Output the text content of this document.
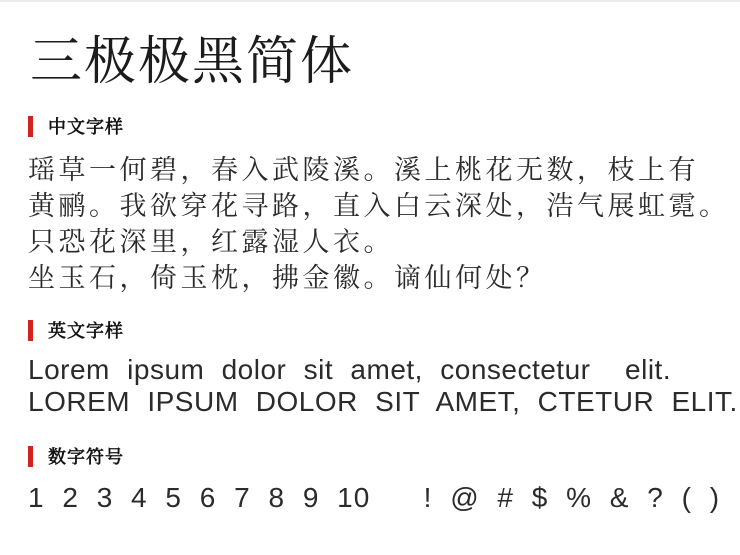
三极极黑简体
中文字样
瑶草一何碧，春入武陵溪。溪上桃花无数，枝上有
黄鹂。我欲穿花寻路，直入白云深处，浩气展虹霓。
只恐花深里，红露湿人衣。
坐玉石，倚玉枕，拂金徽。谪仙何处？
英文字样
Lorem ipsum dolor sit amet, consectetur  elit.
LOREM IPSUM DOLOR SIT AMET, CTETUR ELIT.
数字符号
1 2 3 4 5 6 7 8 9 10   ! @ # $ % & ? ( )
